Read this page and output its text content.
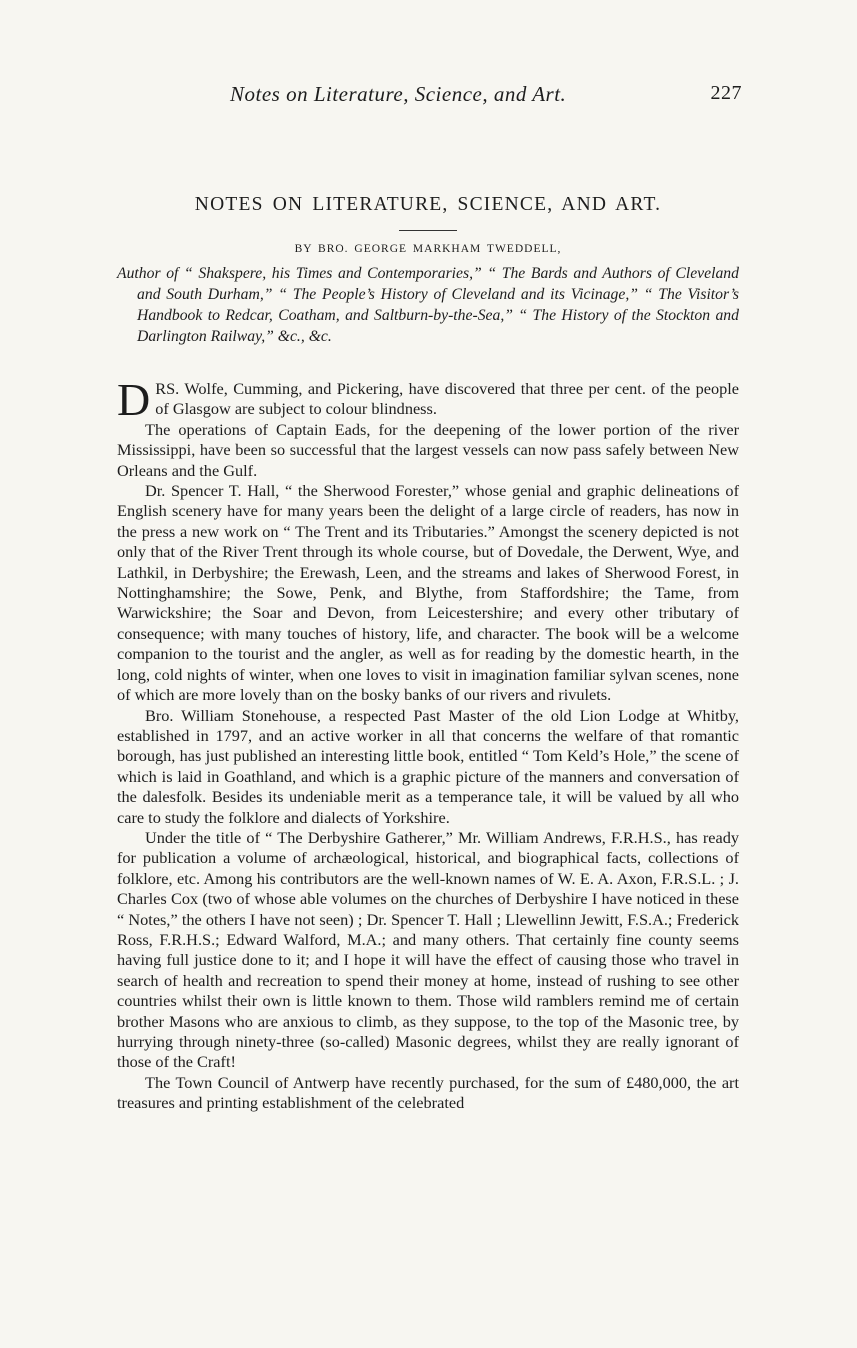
Notes on Literature, Science, and Art.	227
NOTES ON LITERATURE, SCIENCE, AND ART.
BY BRO. GEORGE MARKHAM TWEDDELL,
Author of “ Shakspere, his Times and Contemporaries,” “ The Bards and Authors of Cleveland and South Durham,” “ The People’s History of Cleveland and its Vicinage,” “ The Visitor’s Handbook to Redcar, Coatham, and Saltburn-by-the-Sea,” “ The History of the Stockton and Darlington Railway,” &c., &c.

DRS. Wolfe, Cumming, and Pickering, have discovered that three per cent. of the people of Glasgow are subject to colour blindness.

The operations of Captain Eads, for the deepening of the lower portion of the river Mississippi, have been so successful that the largest vessels can now pass safely between New Orleans and the Gulf.

Dr. Spencer T. Hall, “ the Sherwood Forester,” whose genial and graphic delineations of English scenery have for many years been the delight of a large circle of readers, has now in the press a new work on “ The Trent and its Tributaries.” Amongst the scenery depicted is not only that of the River Trent through its whole course, but of Dovedale, the Derwent, Wye, and Lathkil, in Derbyshire; the Erewash, Leen, and the streams and lakes of Sherwood Forest, in Nottinghamshire; the Sowe, Penk, and Blythe, from Staffordshire; the Tame, from Warwickshire; the Soar and Devon, from Leicestershire; and every other tributary of consequence; with many touches of history, life, and character. The book will be a welcome companion to the tourist and the angler, as well as for reading by the domestic hearth, in the long, cold nights of winter, when one loves to visit in imagination familiar sylvan scenes, none of which are more lovely than on the bosky banks of our rivers and rivulets.

Bro. William Stonehouse, a respected Past Master of the old Lion Lodge at Whitby, established in 1797, and an active worker in all that concerns the welfare of that romantic borough, has just published an interesting little book, entitled “ Tom Keld’s Hole,” the scene of which is laid in Goathland, and which is a graphic picture of the manners and conversation of the dalesfolk. Besides its undeniable merit as a temperance tale, it will be valued by all who care to study the folklore and dialects of Yorkshire.

Under the title of “ The Derbyshire Gatherer,” Mr. William Andrews, F.R.H.S., has ready for publication a volume of archæological, historical, and biographical facts, collections of folklore, etc. Among his contributors are the well-known names of W. E. A. Axon, F.R.S.L. ; J. Charles Cox (two of whose able volumes on the churches of Derbyshire I have noticed in these “ Notes,” the others I have not seen) ; Dr. Spencer T. Hall ; Llewellinn Jewitt, F.S.A.; Frederick Ross, F.R.H.S.; Edward Walford, M.A.; and many others. That certainly fine county seems having full justice done to it; and I hope it will have the effect of causing those who travel in search of health and recreation to spend their money at home, instead of rushing to see other countries whilst their own is little known to them. Those wild ramblers remind me of certain brother Masons who are anxious to climb, as they suppose, to the top of the Masonic tree, by hurrying through ninety-three (so-called) Masonic degrees, whilst they are really ignorant of those of the Craft!

The Town Council of Antwerp have recently purchased, for the sum of £480,000, the art treasures and printing establishment of the celebrated
